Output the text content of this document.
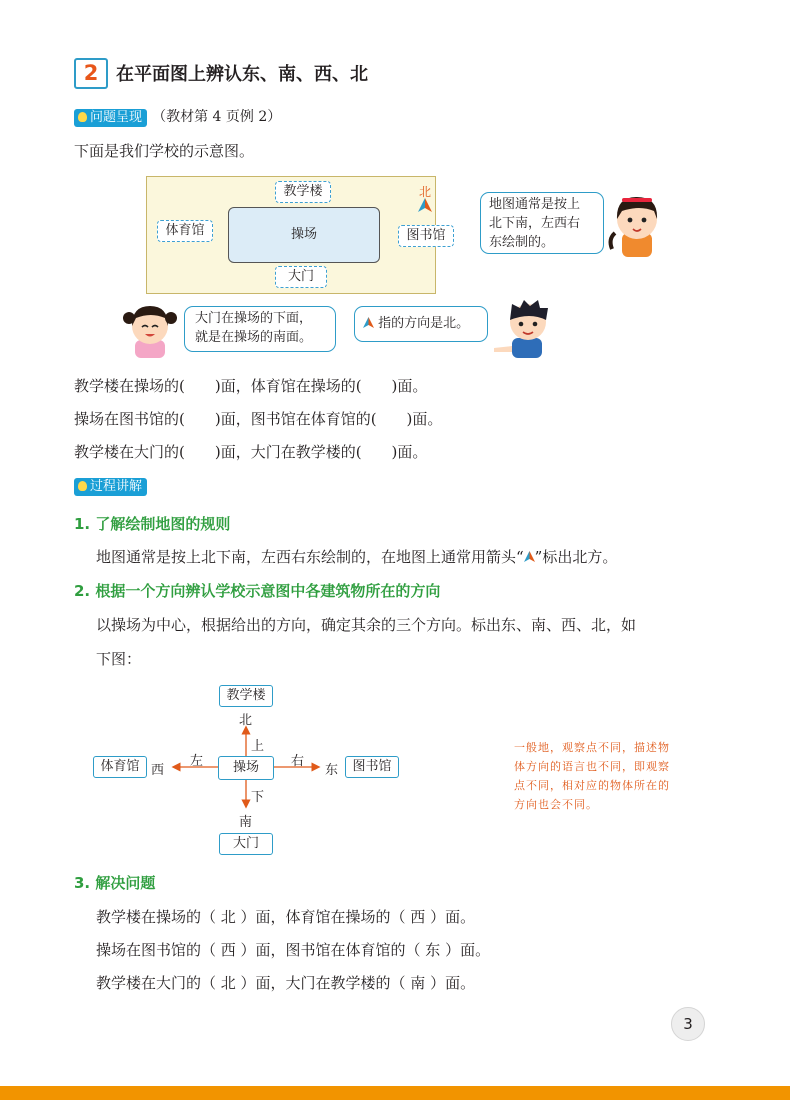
2 在平面图上辨认东、南、西、北
问题呈现 （教材第 4 页例 2）
下面是我们学校的示意图。
教学楼
体育馆	操场	图书馆
大门
北
地图通常是按上
北下南，左西右
东绘制的。
大门在操场的下面，
就是在操场的南面。
指的方向是北。
教学楼在操场的(　　)面，体育馆在操场的(　　)面。
操场在图书馆的(　　)面，图书馆在体育馆的(　　)面。
教学楼在大门的(　　)面，大门在教学楼的(　　)面。
过程讲解
1. 了解绘制地图的规则
地图通常是按上北下南，左西右东绘制的，在地图上通常用箭头“ ”标出北方。
2. 根据一个方向辨认学校示意图中各建筑物所在的方向
以操场为中心，根据给出的方向，确定其余的三个方向。标出东、南、西、北，如
下图：
教学楼
北
上
体育馆 西
左	操场	右
东	图书馆
下
南
大门
一般地，观察点不同，描述物
体方向的语言也不同，即观察
点不同，相对应的物体所在的
方向也会不同。
3. 解决问题
教学楼在操场的（ 北 ）面，体育馆在操场的（ 西 ）面。
操场在图书馆的（ 西 ）面，图书馆在体育馆的（ 东 ）面。
教学楼在大门的（ 北 ）面，大门在教学楼的（ 南 ）面。
3
